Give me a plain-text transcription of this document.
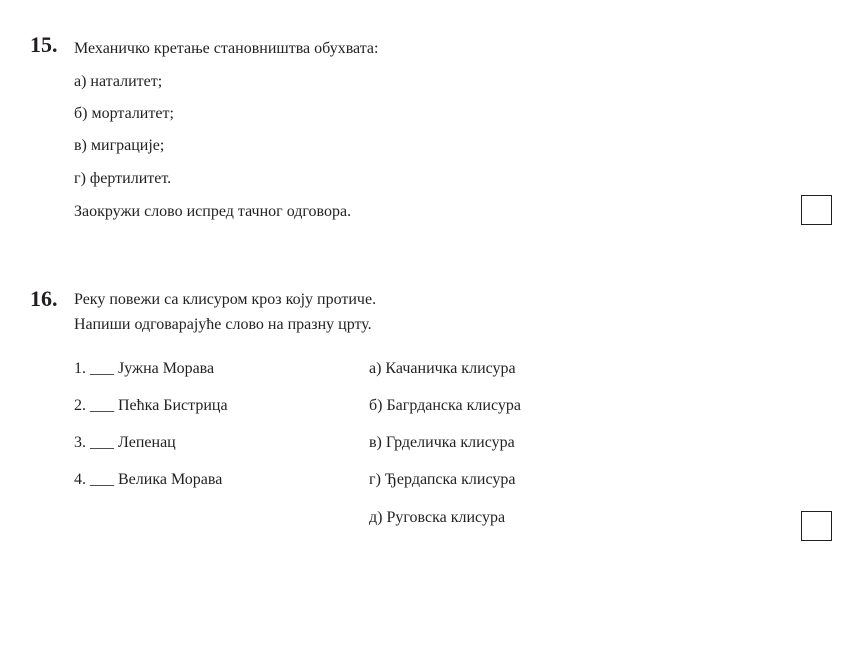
15. Механичко кретање становништва обухвата:
а) наталитет;
б) морталитет;
в) миграције;
г) фертилитет.
Заокружи слово испред тачног одговора.
16. Реку повежи са клисуром кроз коју протиче.
Напиши одговарајуће слово на празну црту.
1. ___ Јужна Морава
2. ___ Пећка Бистрица
3. ___ Лепенац
4. ___ Велика Морава
а) Качаничка клисура
б) Багрданска клисура
в) Грделичка клисура
г) Ђердапска клисура
д) Руговска клисура
